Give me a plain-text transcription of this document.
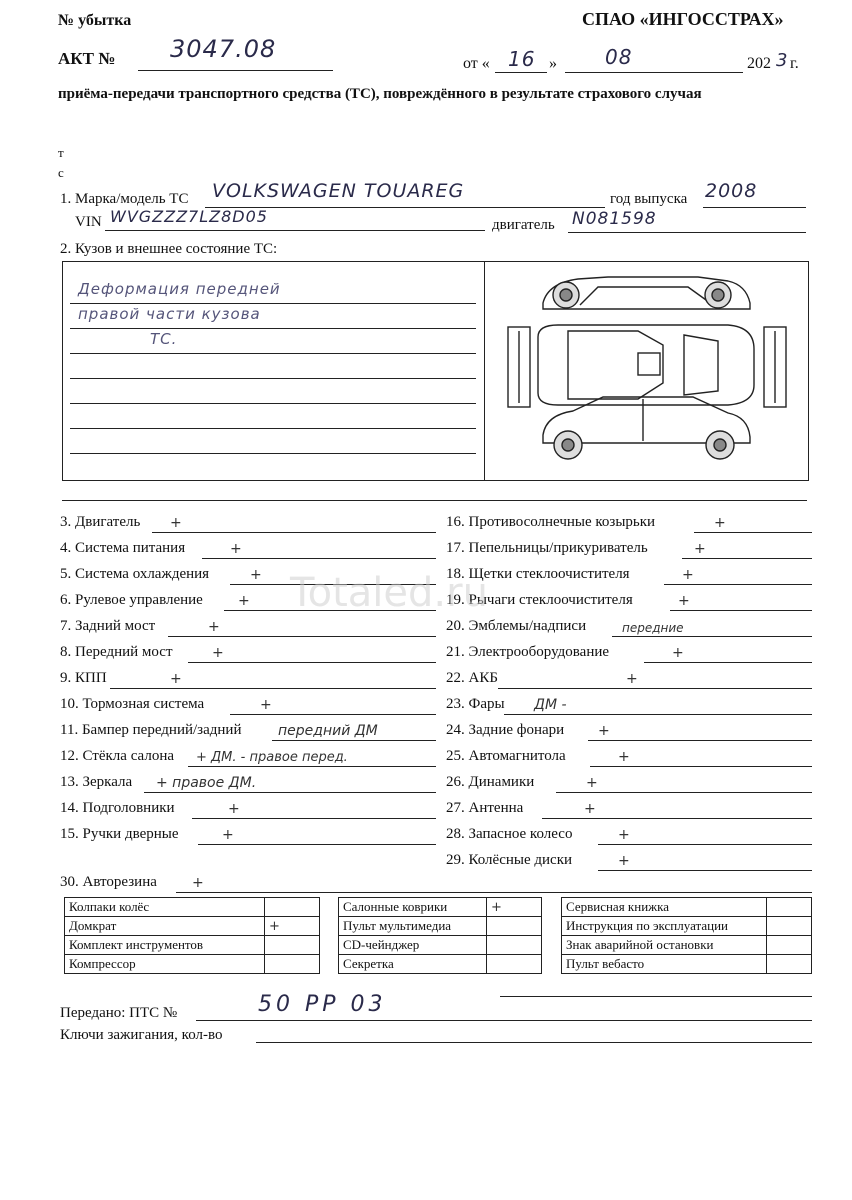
№ убытка	СПАО «ИНГОССТРАХ»
АКТ № 3047.08
от « 16 » 08	202 3 г.
приёма-передачи транспортного средства (ТС), повреждённого в результате страхового случая
т
с
1. Марка/модель ТС VOLKSWAGEN TOUAREG	год выпуска 2008
VIN WVGZZZ7LZ8D05	двигатель N081598
2. Кузов и внешнее состояние ТС:
Деформация передней
правой части кузова
ТС.
3. Двигатель +
4. Система питания	+
5. Система охлаждения	+
6. Рулевое управление	+
7. Задний мост	+
8. Передний мост	+
9. КПП	+
10. Тормозная система	+
11. Бампер передний/задний	передний ДМ
12. Стёкла салона + ДМ. - правое перед.
13. Зеркала + правое ДМ.
14. Подголовники	+
15. Ручки дверные	+
16. Противосолнечные козырьки	+
17. Пепельницы/прикуриватель	+
18. Щетки стеклоочистителя	+
19. Рычаги стеклоочистителя	+
20. Эмблемы/надписи	передние
21. Электрооборудование	+
22. АКБ	+
23. Фары ДМ -
24. Задние фонари +
25. Автомагнитола	+
26. Динамики	+
27. Антенна	+
28. Запасное колесо	+
29. Колёсные диски	+
30. Авторезина	+
Колпаки колёс	
Домкрат	+
Комплект инструментов	
Компрессор	
Салонные коврики	+
Пульт мультимедиа	
CD-чейнджер	
Секретка	
Сервисная книжка	
Инструкция по эксплуатации	
Знак аварийной остановки	
Пульт вебасто	
Передано: ПТС №	50 РР 03
Ключи зажигания, кол-во
Totaled.ru
